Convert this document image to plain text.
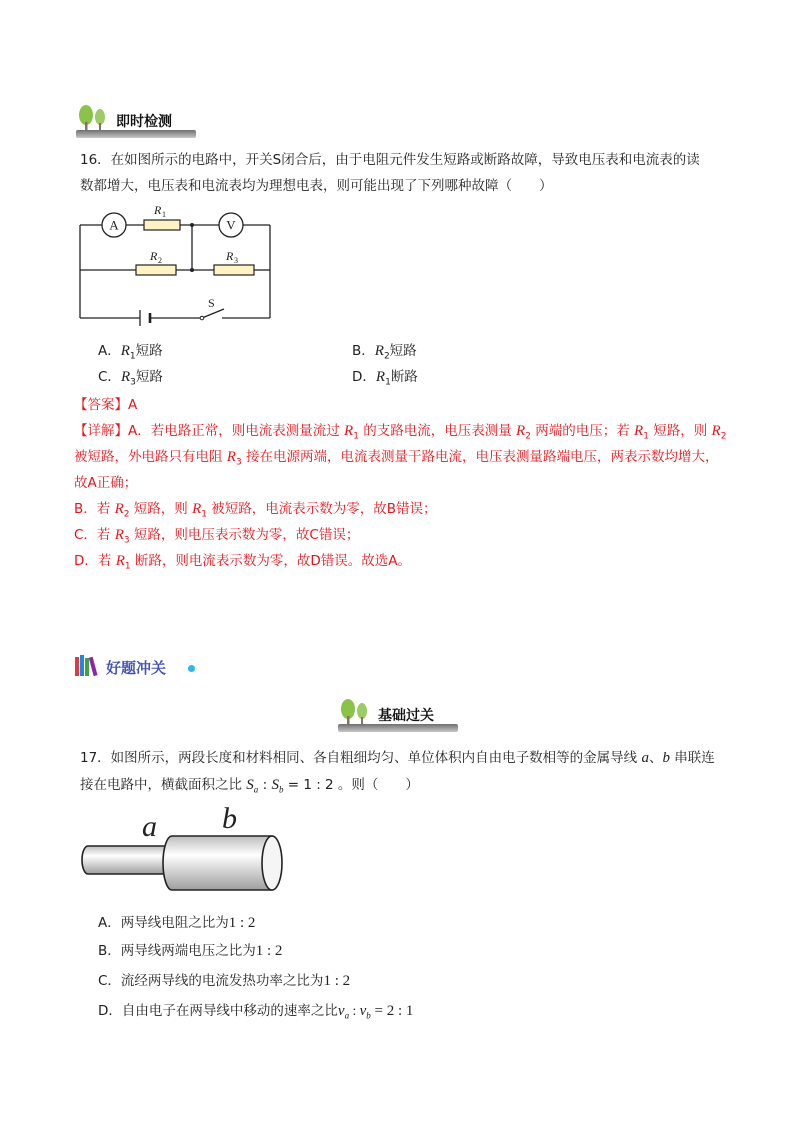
即时检测
16．在如图所示的电路中，开关S闭合后，由于电阻元件发生短路或断路故障，导致电压表和电流表的读
数都增大，电压表和电流表均为理想电表，则可能出现了下列哪种故障（　　）
A	V
R 1
R 2	R 3
S
A．$R_1$短路	B．$R_2$短路
C．$R_3$短路	D．$R_1$断路
【答案】A
【详解】A．若电路正常，则电流表测量流过 $R_1$ 的支路电流，电压表测量 $R_2$ 两端的电压；若 $R_1$ 短路，则 $R_2$
被短路，外电路只有电阻 $R_3$ 接在电源两端，电流表测量干路电流，电压表测量路端电压，两表示数均增大，
故A正确；
B．若 $R_2$ 短路，则 $R_1$ 被短路，电流表示数为零，故B错误；
C．若 $R_3$ 短路，则电压表示数为零，故C错误；
D．若 $R_1$ 断路，则电流表示数为零，故D错误。故选A。
好题冲关
基础过关
17．如图所示，两段长度和材料相同、各自粗细均匀、单位体积内自由电子数相等的金属导线 a、b 串联连
接在电路中，横截面积之比 $S_a$ : $S_b = 1$ : 2 。则（　　）
a b
A．两导线电阻之比为1 : 2
B．两导线两端电压之比为1 : 2
C．流经两导线的电流发热功率之比为1 : 2
D．自由电子在两导线中移动的速率之比$v_a$ : $v_b = 2$ : 1
